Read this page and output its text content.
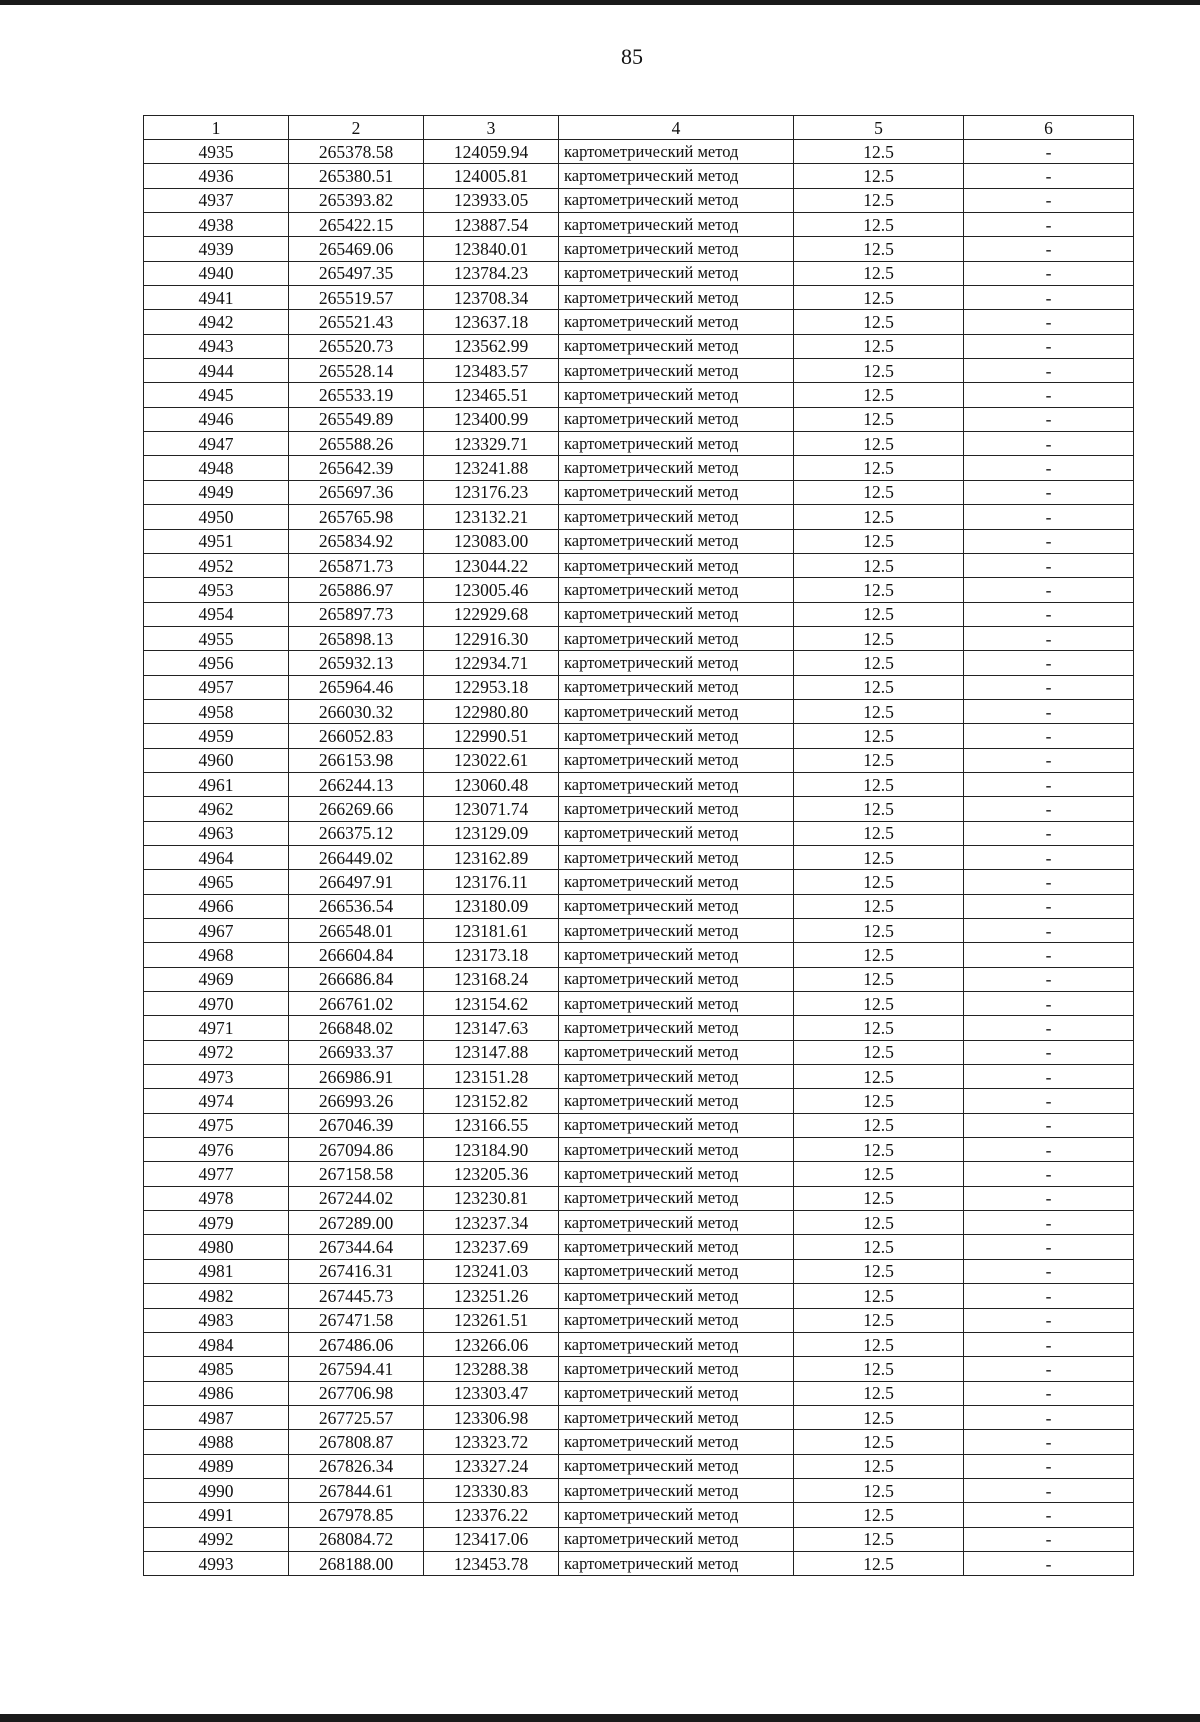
85
1	2	3	4	5	6
4935	265378.58	124059.94	картометрический метод	12.5	-
4936	265380.51	124005.81	картометрический метод	12.5	-
4937	265393.82	123933.05	картометрический метод	12.5	-
4938	265422.15	123887.54	картометрический метод	12.5	-
4939	265469.06	123840.01	картометрический метод	12.5	-
4940	265497.35	123784.23	картометрический метод	12.5	-
4941	265519.57	123708.34	картометрический метод	12.5	-
4942	265521.43	123637.18	картометрический метод	12.5	-
4943	265520.73	123562.99	картометрический метод	12.5	-
4944	265528.14	123483.57	картометрический метод	12.5	-
4945	265533.19	123465.51	картометрический метод	12.5	-
4946	265549.89	123400.99	картометрический метод	12.5	-
4947	265588.26	123329.71	картометрический метод	12.5	-
4948	265642.39	123241.88	картометрический метод	12.5	-
4949	265697.36	123176.23	картометрический метод	12.5	-
4950	265765.98	123132.21	картометрический метод	12.5	-
4951	265834.92	123083.00	картометрический метод	12.5	-
4952	265871.73	123044.22	картометрический метод	12.5	-
4953	265886.97	123005.46	картометрический метод	12.5	-
4954	265897.73	122929.68	картометрический метод	12.5	-
4955	265898.13	122916.30	картометрический метод	12.5	-
4956	265932.13	122934.71	картометрический метод	12.5	-
4957	265964.46	122953.18	картометрический метод	12.5	-
4958	266030.32	122980.80	картометрический метод	12.5	-
4959	266052.83	122990.51	картометрический метод	12.5	-
4960	266153.98	123022.61	картометрический метод	12.5	-
4961	266244.13	123060.48	картометрический метод	12.5	-
4962	266269.66	123071.74	картометрический метод	12.5	-
4963	266375.12	123129.09	картометрический метод	12.5	-
4964	266449.02	123162.89	картометрический метод	12.5	-
4965	266497.91	123176.11	картометрический метод	12.5	-
4966	266536.54	123180.09	картометрический метод	12.5	-
4967	266548.01	123181.61	картометрический метод	12.5	-
4968	266604.84	123173.18	картометрический метод	12.5	-
4969	266686.84	123168.24	картометрический метод	12.5	-
4970	266761.02	123154.62	картометрический метод	12.5	-
4971	266848.02	123147.63	картометрический метод	12.5	-
4972	266933.37	123147.88	картометрический метод	12.5	-
4973	266986.91	123151.28	картометрический метод	12.5	-
4974	266993.26	123152.82	картометрический метод	12.5	-
4975	267046.39	123166.55	картометрический метод	12.5	-
4976	267094.86	123184.90	картометрический метод	12.5	-
4977	267158.58	123205.36	картометрический метод	12.5	-
4978	267244.02	123230.81	картометрический метод	12.5	-
4979	267289.00	123237.34	картометрический метод	12.5	-
4980	267344.64	123237.69	картометрический метод	12.5	-
4981	267416.31	123241.03	картометрический метод	12.5	-
4982	267445.73	123251.26	картометрический метод	12.5	-
4983	267471.58	123261.51	картометрический метод	12.5	-
4984	267486.06	123266.06	картометрический метод	12.5	-
4985	267594.41	123288.38	картометрический метод	12.5	-
4986	267706.98	123303.47	картометрический метод	12.5	-
4987	267725.57	123306.98	картометрический метод	12.5	-
4988	267808.87	123323.72	картометрический метод	12.5	-
4989	267826.34	123327.24	картометрический метод	12.5	-
4990	267844.61	123330.83	картометрический метод	12.5	-
4991	267978.85	123376.22	картометрический метод	12.5	-
4992	268084.72	123417.06	картометрический метод	12.5	-
4993	268188.00	123453.78	картометрический метод	12.5	-
